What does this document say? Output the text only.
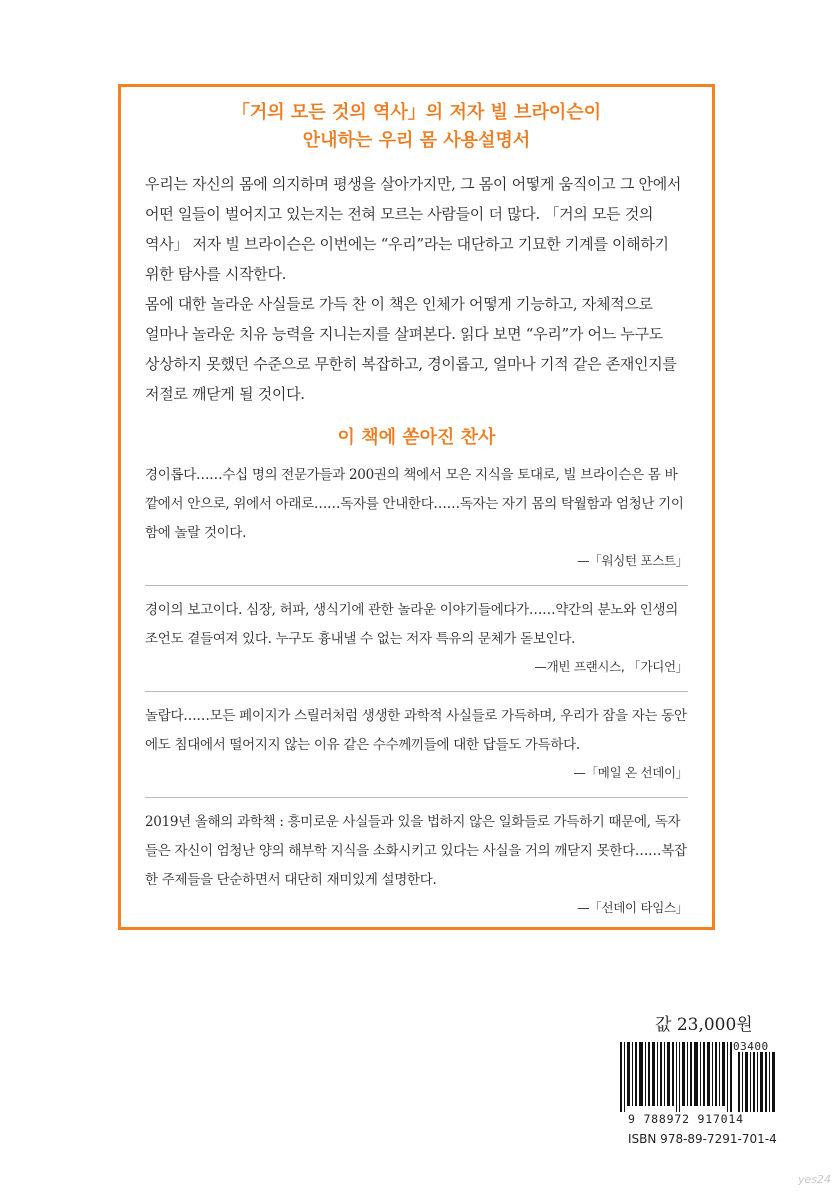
「거의 모든 것의 역사」의 저자 빌 브라이슨이

안내하는 우리 몸 사용설명서

우리는 자신의 몸에 의지하며 평생을 살아가지만, 그 몸이 어떻게 움직이고 그 안에서 어떤 일들이 벌어지고 있는지는 전혀 모르는 사람들이 더 많다. 「거의 모든 것의 역사」 저자 빌 브라이슨은 이번에는 “우리”라는 대단하고 기묘한 기계를 이해하기 위한 탐사를 시작한다.

몸에 대한 놀라운 사실들로 가득 찬 이 책은 인체가 어떻게 기능하고, 자체적으로 얼마나 놀라운 치유 능력을 지니는지를 살펴본다. 읽다 보면 “우리”가 어느 누구도 상상하지 못했던 수준으로 무한히 복잡하고, 경이롭고, 얼마나 기적 같은 존재인지를 저절로 깨닫게 될 것이다.

이 책에 쏟아진 찬사

경이롭다……수십 명의 전문가들과 200권의 책에서 모은 지식을 토대로, 빌 브라이슨은 몸 바깥에서 안으로, 위에서 아래로……독자를 안내한다……독자는 자기 몸의 탁월함과 엄청난 기이함에 놀랄 것이다.

—「워싱턴 포스트」

경이의 보고이다. 심장, 허파, 생식기에 관한 놀라운 이야기들에다가……약간의 분노와 인생의 조언도 곁들여져 있다. 누구도 흉내낼 수 없는 저자 특유의 문체가 돋보인다.

—개빈 프랜시스, 「가디언」

놀랍다……모든 페이지가 스릴러처럼 생생한 과학적 사실들로 가득하며, 우리가 잠을 자는 동안에도 침대에서 떨어지지 않는 이유 같은 수수께끼들에 대한 답들도 가득하다.

—「메일 온 선데이」

2019년 올해의 과학책 : 흥미로운 사실들과 있을 법하지 않은 일화들로 가득하기 때문에, 독자들은 자신이 엄청난 양의 해부학 지식을 소화시키고 있다는 사실을 거의 깨닫지 못한다……복잡한 주제들을 단순하면서 대단히 재미있게 설명한다.

—「선데이 타임스」
값 23,000원
03400
9 788972 917014
ISBN 978-89-7291-701-4
yes24
